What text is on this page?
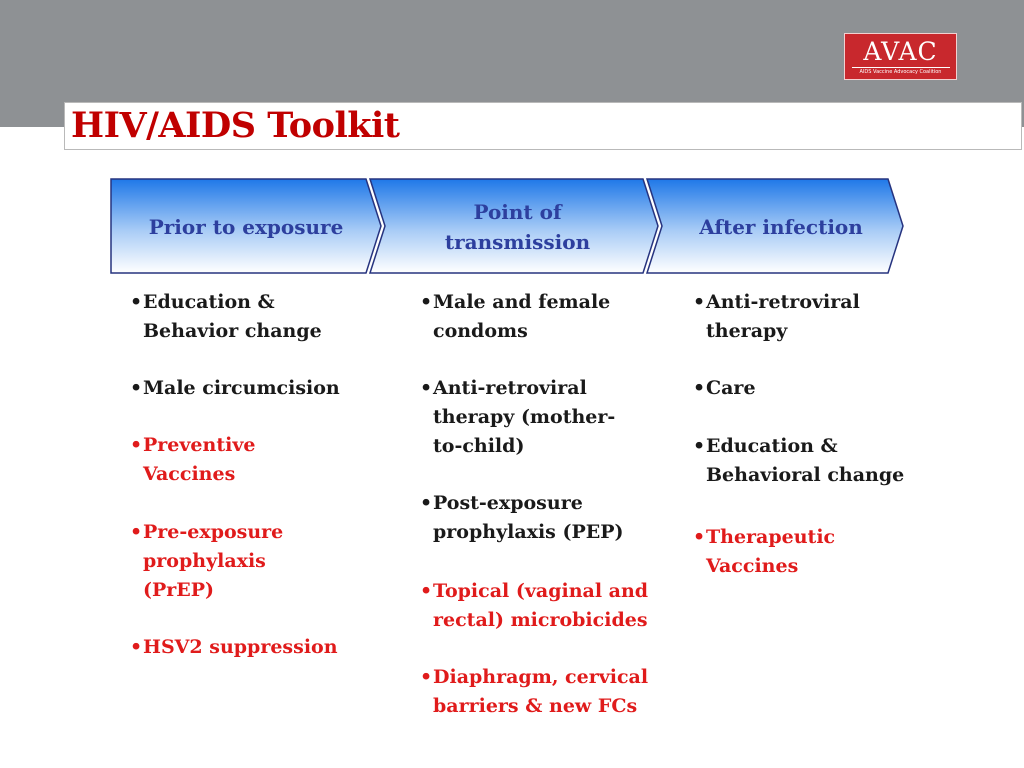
AVAC
AIDS Vaccine Advocacy Coalition
HIV/AIDS Toolkit
Prior to exposure
Point of
transmission
After infection
• Education &
Behavior change
• Male circumcision
• Preventive
Vaccines
• Pre-exposure
prophylaxis
(PrEP)
• HSV2 suppression
• Male and female
condoms
• Anti-retroviral
therapy (mother-
to-child)
• Post-exposure
prophylaxis (PEP)
• Topical (vaginal and
rectal) microbicides
• Diaphragm, cervical
barriers & new FCs
• Anti-retroviral
therapy
• Care
• Education &
Behavioral change
• Therapeutic
Vaccines
